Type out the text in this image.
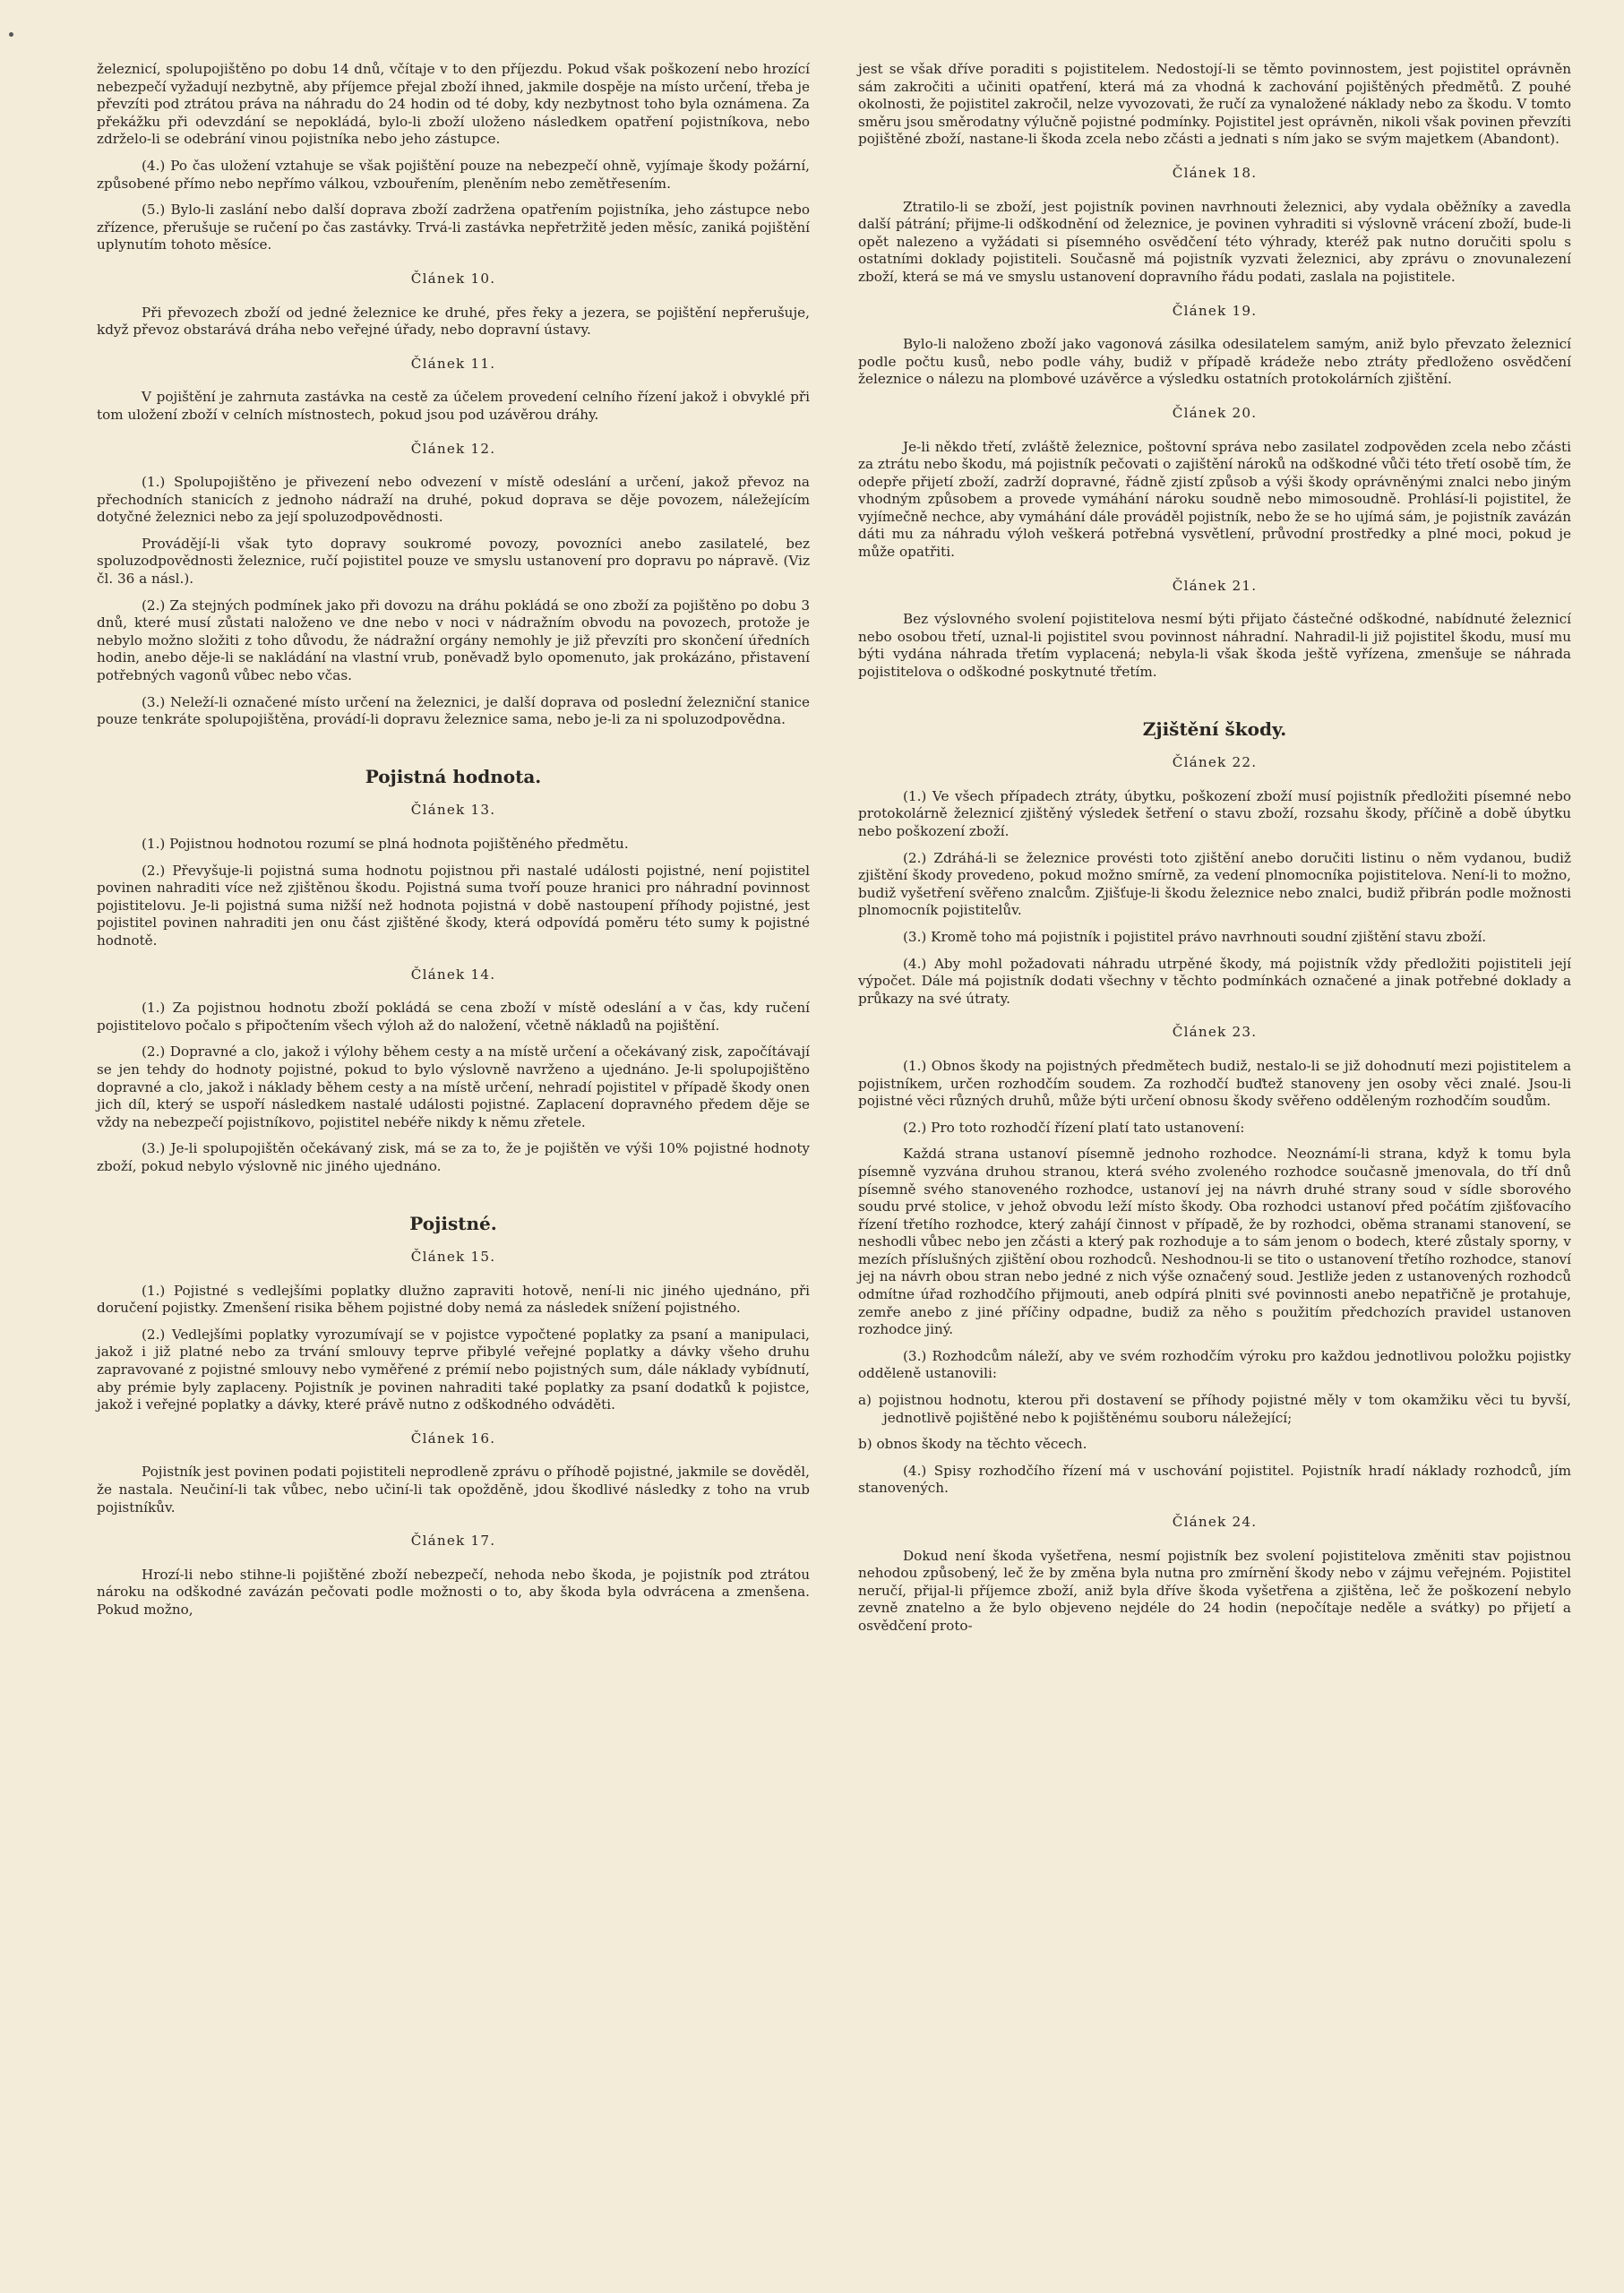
železnicí, spolupojištěno po dobu 14 dnů, včítaje v to den příjezdu. Pokud však poškození nebo hrozící nebezpečí vyžadují nezbytně, aby příjemce přejal zboží ihned, jakmile dospěje na místo určení, třeba je převzíti pod ztrátou práva na náhradu do 24 hodin od té doby, kdy nezbytnost toho byla oznámena. Za překážku při odevzdání se nepokládá, bylo-li zboží uloženo následkem opatření pojistníkova, nebo zdrželo-li se odebrání vinou pojistníka nebo jeho zástupce.
(4.) Po čas uložení vztahuje se však pojištění pouze na nebezpečí ohně, vyjímaje škody požární, způsobené přímo nebo nepřímo válkou, vzbouřením, pleněním nebo zemětřesením.
(5.) Bylo-li zaslání nebo další doprava zboží zadržena opatřením pojistníka, jeho zástupce nebo zřízence, přerušuje se ručení po čas zastávky. Trvá-li zastávka nepřetržitě jeden měsíc, zaniká pojištění uplynutím tohoto měsíce.
Článek 10.
Při převozech zboží od jedné železnice ke druhé, přes řeky a jezera, se pojištění nepřerušuje, když převoz obstarává dráha nebo veřejné úřady, nebo dopravní ústavy.
Článek 11.
V pojištění je zahrnuta zastávka na cestě za účelem provedení celního řízení jakož i obvyklé při tom uložení zboží v celních místnostech, pokud jsou pod uzávěrou dráhy.
Článek 12.
(1.) Spolupojištěno je přivezení nebo odvezení v místě odeslání a určení, jakož převoz na přechodních stanicích z jednoho nádraží na druhé, pokud doprava se děje povozem, náležejícím dotyčné železnici nebo za její spoluzodpovědnosti.
Provádějí-li však tyto dopravy soukromé povozy, povozníci anebo zasilatelé, bez spoluzodpovědnosti železnice, ručí pojistitel pouze ve smyslu ustanovení pro dopravu po nápravě. (Viz čl. 36 a násl.).
(2.) Za stejných podmínek jako při dovozu na dráhu pokládá se ono zboží za pojištěno po dobu 3 dnů, které musí zůstati naloženo ve dne nebo v noci v nádražním obvodu na povozech, protože je nebylo možno složiti z toho důvodu, že nádražní orgány nemohly je již převzíti pro skončení úředních hodin, anebo děje-li se nakládání na vlastní vrub, poněvadž bylo opomenuto, jak prokázáno, přistavení potřebných vagonů vůbec nebo včas.
(3.) Neleží-li označené místo určení na železnici, je další doprava od poslední železniční stanice pouze tenkráte spolupojištěna, provádí-li dopravu železnice sama, nebo je-li za ni spoluzodpovědna.
Pojistná hodnota.
Článek 13.
(1.) Pojistnou hodnotou rozumí se plná hodnota pojištěného předmětu.
(2.) Převyšuje-li pojistná suma hodnotu pojistnou při nastalé události pojistné, není pojistitel povinen nahraditi více než zjištěnou škodu. Pojistná suma tvoří pouze hranici pro náhradní povinnost pojistitelovu. Je-li pojistná suma nižší než hodnota pojistná v době nastoupení příhody pojistné, jest pojistitel povinen nahraditi jen onu část zjištěné škody, která odpovídá poměru této sumy k pojistné hodnotě.
Článek 14.
(1.) Za pojistnou hodnotu zboží pokládá se cena zboží v místě odeslání a v čas, kdy ručení pojistitelovo počalo s připočtením všech výloh až do naložení, včetně nákladů na pojištění.
(2.) Dopravné a clo, jakož i výlohy během cesty a na místě určení a očekávaný zisk, započítávají se jen tehdy do hodnoty pojistné, pokud to bylo výslovně navrženo a ujednáno. Je-li spolupojištěno dopravné a clo, jakož i náklady během cesty a na místě určení, nehradí pojistitel v případě škody onen jich díl, který se uspoří následkem nastalé události pojistné. Zaplacení dopravného předem děje se vždy na nebezpečí pojistníkovo, pojistitel nebéře nikdy k němu zřetele.
(3.) Je-li spolupojištěn očekávaný zisk, má se za to, že je pojištěn ve výši 10% pojistné hodnoty zboží, pokud nebylo výslovně nic jiného ujednáno.
Pojistné.
Článek 15.
(1.) Pojistné s vedlejšími poplatky dlužno zapraviti hotově, není-li nic jiného ujednáno, při doručení pojistky. Zmenšení risika během pojistné doby nemá za následek snížení pojistného.
(2.) Vedlejšími poplatky vyrozumívají se v pojistce vypočtené poplatky za psaní a manipulaci, jakož i již platné nebo za trvání smlouvy teprve přibylé veřejné poplatky a dávky všeho druhu zapravované z pojistné smlouvy nebo vyměřené z prémií nebo pojistných sum, dále náklady vybídnutí, aby prémie byly zaplaceny. Pojistník je povinen nahraditi také poplatky za psaní dodatků k pojistce, jakož i veřejné poplatky a dávky, které právě nutno z odškodného odváděti.
Článek 16.
Pojistník jest povinen podati pojistiteli neprodleně zprávu o příhodě pojistné, jakmile se dověděl, že nastala. Neučiní-li tak vůbec, nebo učiní-li tak opožděně, jdou škodlivé následky z toho na vrub pojistníkův.
Článek 17.
Hrozí-li nebo stihne-li pojištěné zboží nebezpečí, nehoda nebo škoda, je pojistník pod ztrátou nároku na odškodné zavázán pečovati podle možnosti o to, aby škoda byla odvrácena a zmenšena. Pokud možno,
jest se však dříve poraditi s pojistitelem. Nedostojí-li se těmto povinnostem, jest pojistitel oprávněn sám zakročiti a učiniti opatření, která má za vhodná k zachování pojištěných předmětů. Z pouhé okolnosti, že pojistitel zakročil, nelze vyvozovati, že ručí za vynaložené náklady nebo za škodu. V tomto směru jsou směrodatny výlučně pojistné podmínky. Pojistitel jest oprávněn, nikoli však povinen převzíti pojištěné zboží, nastane-li škoda zcela nebo zčásti a jednati s ním jako se svým majetkem (Abandont).
Článek 18.
Ztratilo-li se zboží, jest pojistník povinen navrhnouti železnici, aby vydala oběžníky a zavedla další pátrání; přijme-li odškodnění od železnice, je povinen vyhraditi si výslovně vrácení zboží, bude-li opět nalezeno a vyžádati si písemného osvědčení této výhrady, kteréž pak nutno doručiti spolu s ostatními doklady pojistiteli. Současně má pojistník vyzvati železnici, aby zprávu o znovunalezení zboží, která se má ve smyslu ustanovení dopravního řádu podati, zaslala na pojistitele.
Článek 19.
Bylo-li naloženo zboží jako vagonová zásilka odesilatelem samým, aniž bylo převzato železnicí podle počtu kusů, nebo podle váhy, budiž v případě krádeže nebo ztráty předloženo osvědčení železnice o nálezu na plombové uzávěrce a výsledku ostatních protokolárních zjištění.
Článek 20.
Je-li někdo třetí, zvláště železnice, poštovní správa nebo zasilatel zodpověden zcela nebo zčásti za ztrátu nebo škodu, má pojistník pečovati o zajištění nároků na odškodné vůči této třetí osobě tím, že odepře přijetí zboží, zadrží dopravné, řádně zjistí způsob a výši škody oprávněnými znalci nebo jiným vhodným způsobem a provede vymáhání nároku soudně nebo mimosoudně. Prohlásí-li pojistitel, že vyjímečně nechce, aby vymáhání dále prováděl pojistník, nebo že se ho ujímá sám, je pojistník zavázán dáti mu za náhradu výloh veškerá potřebná vysvětlení, průvodní prostředky a plné moci, pokud je může opatřiti.
Článek 21.
Bez výslovného svolení pojistitelova nesmí býti přijato částečné odškodné, nabídnuté železnicí nebo osobou třetí, uznal-li pojistitel svou povinnost náhradní. Nahradil-li již pojistitel škodu, musí mu býti vydána náhrada třetím vyplacená; nebyla-li však škoda ještě vyřízena, zmenšuje se náhrada pojistitelova o odškodné poskytnuté třetím.
Zjištění škody.
Článek 22.
(1.) Ve všech případech ztráty, úbytku, poškození zboží musí pojistník předložiti písemné nebo protokolárně železnicí zjištěný výsledek šetření o stavu zboží, rozsahu škody, příčině a době úbytku nebo poškození zboží.
(2.) Zdráhá-li se železnice provésti toto zjištění anebo doručiti listinu o něm vydanou, budiž zjištění škody provedeno, pokud možno smírně, za vedení plnomocníka pojistitelova. Není-li to možno, budiž vyšetření svěřeno znalcům. Zjišťuje-li škodu železnice nebo znalci, budiž přibrán podle možnosti plnomocník pojistitelův.
(3.) Kromě toho má pojistník i pojistitel právo navrhnouti soudní zjištění stavu zboží.
(4.) Aby mohl požadovati náhradu utrpěné škody, má pojistník vždy předložiti pojistiteli její výpočet. Dále má pojistník dodati všechny v těchto podmínkách označené a jinak potřebné doklady a průkazy na své útraty.
Článek 23.
(1.) Obnos škody na pojistných předmětech budiž, nestalo-li se již dohodnutí mezi pojistitelem a pojistníkem, určen rozhodčím soudem. Za rozhodčí buďtež stanoveny jen osoby věci znalé. Jsou-li pojistné věci různých druhů, může býti určení obnosu škody svěřeno odděleným rozhodčím soudům.
(2.) Pro toto rozhodčí řízení platí tato ustanovení:
Každá strana ustanoví písemně jednoho rozhodce. Neoznámí-li strana, když k tomu byla písemně vyzvána druhou stranou, která svého zvoleného rozhodce současně jmenovala, do tří dnů písemně svého stanoveného rozhodce, ustanoví jej na návrh druhé strany soud v sídle sborového soudu prvé stolice, v jehož obvodu leží místo škody. Oba rozhodci ustanoví před počátím zjišťovacího řízení třetího rozhodce, který zahájí činnost v případě, že by rozhodci, oběma stranami stanovení, se neshodli vůbec nebo jen zčásti a který pak rozhoduje a to sám jenom o bodech, které zůstaly sporny, v mezích příslušných zjištění obou rozhodců. Neshodnou-li se tito o ustanovení třetího rozhodce, stanoví jej na návrh obou stran nebo jedné z nich výše označený soud. Jestliže jeden z ustanovených rozhodců odmítne úřad rozhodčího přijmouti, aneb odpírá plniti své povinnosti anebo nepatřičně je protahuje, zemře anebo z jiné příčiny odpadne, budiž za něho s použitím předchozích pravidel ustanoven rozhodce jiný.
(3.) Rozhodcům náleží, aby ve svém rozhodčím výroku pro každou jednotlivou položku pojistky odděleně ustanovili:
a) pojistnou hodnotu, kterou při dostavení se příhody pojistné měly v tom okamžiku věci tu byvší, jednotlivě pojištěné nebo k pojištěnému souboru náležející;
b) obnos škody na těchto věcech.
(4.) Spisy rozhodčího řízení má v uschování pojistitel. Pojistník hradí náklady rozhodců, jím stanovených.
Článek 24.
Dokud není škoda vyšetřena, nesmí pojistník bez svolení pojistitelova změniti stav pojistnou nehodou způsobený, leč že by změna byla nutna pro zmírnění škody nebo v zájmu veřejném. Pojistitel neručí, přijal-li příjemce zboží, aniž byla dříve škoda vyšetřena a zjištěna, leč že poškození nebylo zevně znatelno a že bylo objeveno nejdéle do 24 hodin (nepočítaje neděle a svátky) po přijetí a osvědčení proto-
